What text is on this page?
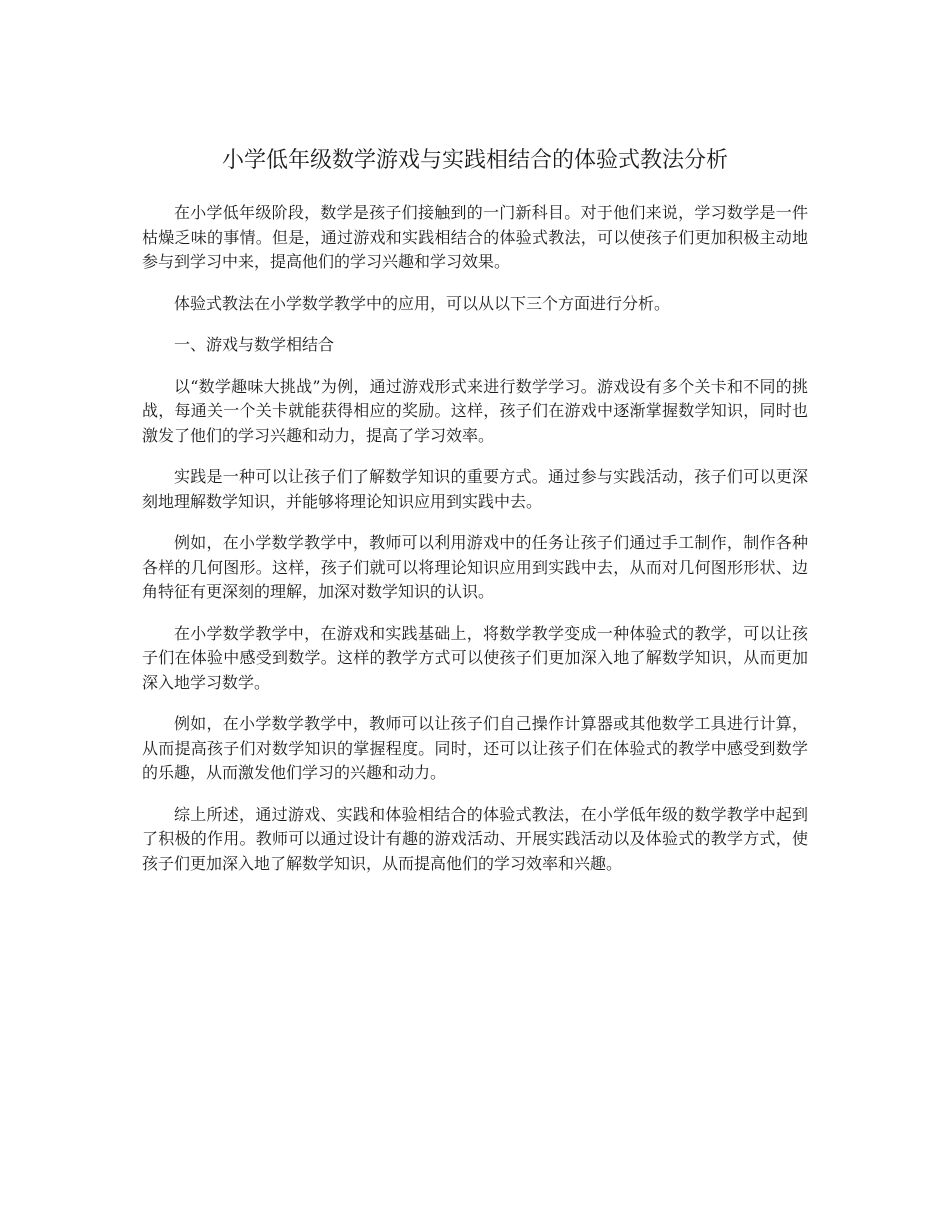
小学低年级数学游戏与实践相结合的体验式教法分析

在小学低年级阶段，数学是孩子们接触到的一门新科目。对于他们来说，学习数学是一件枯燥乏味的事情。但是，通过游戏和实践相结合的体验式教法，可以使孩子们更加积极主动地参与到学习中来，提高他们的学习兴趣和学习效果。

体验式教法在小学数学教学中的应用，可以从以下三个方面进行分析。

一、游戏与数学相结合

以“数学趣味大挑战”为例，通过游戏形式来进行数学学习。游戏设有多个关卡和不同的挑战，每通关一个关卡就能获得相应的奖励。这样，孩子们在游戏中逐渐掌握数学知识，同时也激发了他们的学习兴趣和动力，提高了学习效率。

实践是一种可以让孩子们了解数学知识的重要方式。通过参与实践活动，孩子们可以更深刻地理解数学知识，并能够将理论知识应用到实践中去。

例如，在小学数学教学中，教师可以利用游戏中的任务让孩子们通过手工制作，制作各种各样的几何图形。这样，孩子们就可以将理论知识应用到实践中去，从而对几何图形形状、边角特征有更深刻的理解，加深对数学知识的认识。

在小学数学教学中，在游戏和实践基础上，将数学教学变成一种体验式的教学，可以让孩子们在体验中感受到数学。这样的教学方式可以使孩子们更加深入地了解数学知识，从而更加深入地学习数学。

例如，在小学数学教学中，教师可以让孩子们自己操作计算器或其他数学工具进行计算，从而提高孩子们对数学知识的掌握程度。同时，还可以让孩子们在体验式的教学中感受到数学的乐趣，从而激发他们学习的兴趣和动力。

综上所述，通过游戏、实践和体验相结合的体验式教法，在小学低年级的数学教学中起到了积极的作用。教师可以通过设计有趣的游戏活动、开展实践活动以及体验式的教学方式，使孩子们更加深入地了解数学知识，从而提高他们的学习效率和兴趣。
